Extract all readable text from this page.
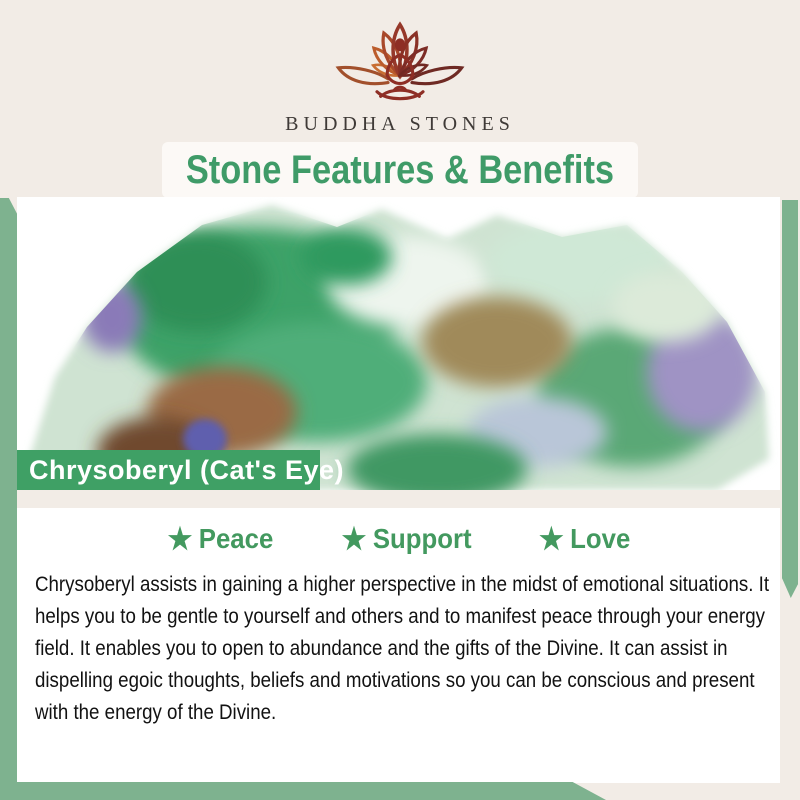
BUDDHA STONES
Stone Features & Benefits
Chrysoberyl (Cat's Eye)
★ Peace ★ Support ★ Love

Chrysoberyl assists in gaining a higher perspective in the midst of emotional situations. It helps you to be gentle to yourself and others and to manifest peace through your energy field. It enables you to open to abundance and the gifts of the Divine. It can assist in dispelling egoic thoughts, beliefs and motivations so you can be conscious and present with the energy of the Divine.
